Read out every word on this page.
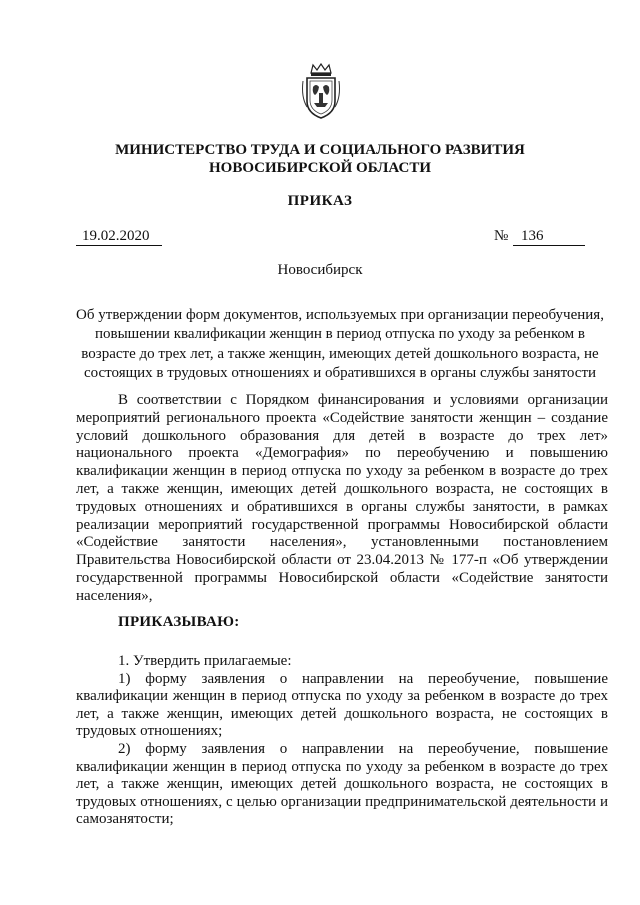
МИНИСТЕРСТВО ТРУДА И СОЦИАЛЬНОГО РАЗВИТИЯ
НОВОСИБИРСКОЙ ОБЛАСТИ
ПРИКАЗ
19.02.2020	№ 136
Новосибирск
Об утверждении форм документов, используемых при организации переобучения,
повышении квалификации женщин в период отпуска по уходу за ребенком в
возрасте до трех лет, а также женщин, имеющих детей дошкольного возраста, не
состоящих в трудовых отношениях и обратившихся в органы службы занятости

В соответствии с Порядком финансирования и условиями организации мероприятий регионального проекта «Содействие занятости женщин – создание условий дошкольного образования для детей в возрасте до трех лет» национального проекта «Демография» по переобучению и повышению квалификации женщин в период отпуска по уходу за ребенком в возрасте до трех лет, а также женщин, имеющих детей дошкольного возраста, не состоящих в трудовых отношениях и обратившихся в органы службы занятости, в рамках реализации мероприятий государственной программы Новосибирской области «Содействие занятости населения», установленными постановлением Правительства Новосибирской области от 23.04.2013 № 177-п «Об утверждении государственной программы Новосибирской области «Содействие занятости населения»,

ПРИКАЗЫВАЮ:

1. Утвердить прилагаемые:

1) форму заявления о направлении на переобучение, повышение квалификации женщин в период отпуска по уходу за ребенком в возрасте до трех лет, а также женщин, имеющих детей дошкольного возраста, не состоящих в трудовых отношениях;

2) форму заявления о направлении на переобучение, повышение квалификации женщин в период отпуска по уходу за ребенком в возрасте до трех лет, а также женщин, имеющих детей дошкольного возраста, не состоящих в трудовых отношениях, с целью организации предпринимательской деятельности и самозанятости;
